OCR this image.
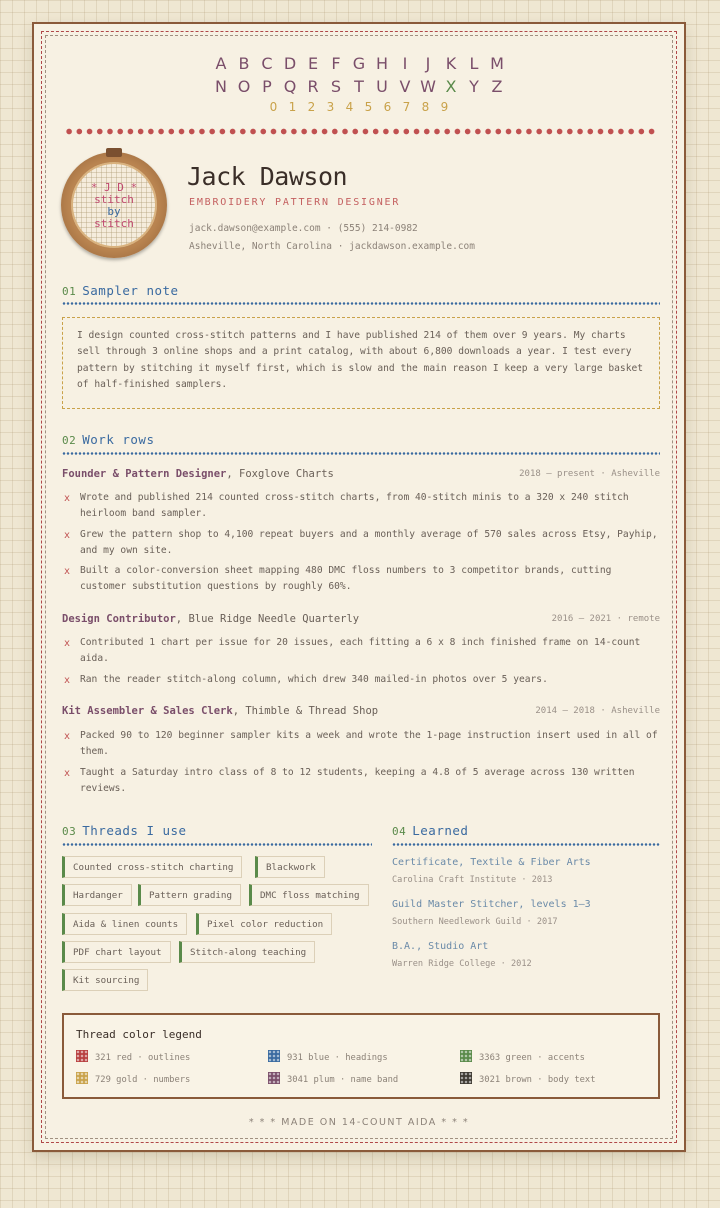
A B C D E F G H I J K L M
N O P Q R S T U V W X Y Z
0 1 2 3 4 5 6 7 8 9
* J D *
stitch
by
stitch
Jack Dawson
EMBROIDERY PATTERN DESIGNER
jack.dawson@example.com · (555) 214-0982
Asheville, North Carolina · jackdawson.example.com
01 Sampler note
I design counted cross-stitch patterns and I have published 214 of them over 9 years. My charts sell through 3 online shops and a print catalog, with about 6,800 downloads a year. I test every pattern by stitching it myself first, which is slow and the main reason I keep a very large basket of half-finished samplers.
02 Work rows
Founder & Pattern Designer, Foxglove Charts	2018 – present · Asheville
x Wrote and published 214 counted cross-stitch charts, from 40-stitch minis to a 320 x 240 stitch heirloom band sampler.
x Grew the pattern shop to 4,100 repeat buyers and a monthly average of 570 sales across Etsy, Payhip, and my own site.
x Built a color-conversion sheet mapping 480 DMC floss numbers to 3 competitor brands, cutting customer substitution questions by roughly 60%.
Design Contributor, Blue Ridge Needle Quarterly	2016 – 2021 · remote
x Contributed 1 chart per issue for 20 issues, each fitting a 6 x 8 inch finished frame on 14-count aida.
x Ran the reader stitch-along column, which drew 340 mailed-in photos over 5 years.
Kit Assembler & Sales Clerk, Thimble & Thread Shop	2014 – 2018 · Asheville
x Packed 90 to 120 beginner sampler kits a week and wrote the 1-page instruction insert used in all of them.
x Taught a Saturday intro class of 8 to 12 students, keeping a 4.8 of 5 average across 130 written reviews.
03 Threads I use
Counted cross-stitch charting	Blackwork
Hardanger	Pattern grading	DMC floss matching
Aida & linen counts	Pixel color reduction
PDF chart layout	Stitch-along teaching
Kit sourcing
04 Learned
Certificate, Textile & Fiber Arts
Carolina Craft Institute · 2013
Guild Master Stitcher, levels 1–3
Southern Needlework Guild · 2017
B.A., Studio Art
Warren Ridge College · 2012
Thread color legend
321 red · outlines	931 blue · headings	3363 green · accents
729 gold · numbers	3041 plum · name band	3021 brown · body text
* * * MADE ON 14-COUNT AIDA * * *
